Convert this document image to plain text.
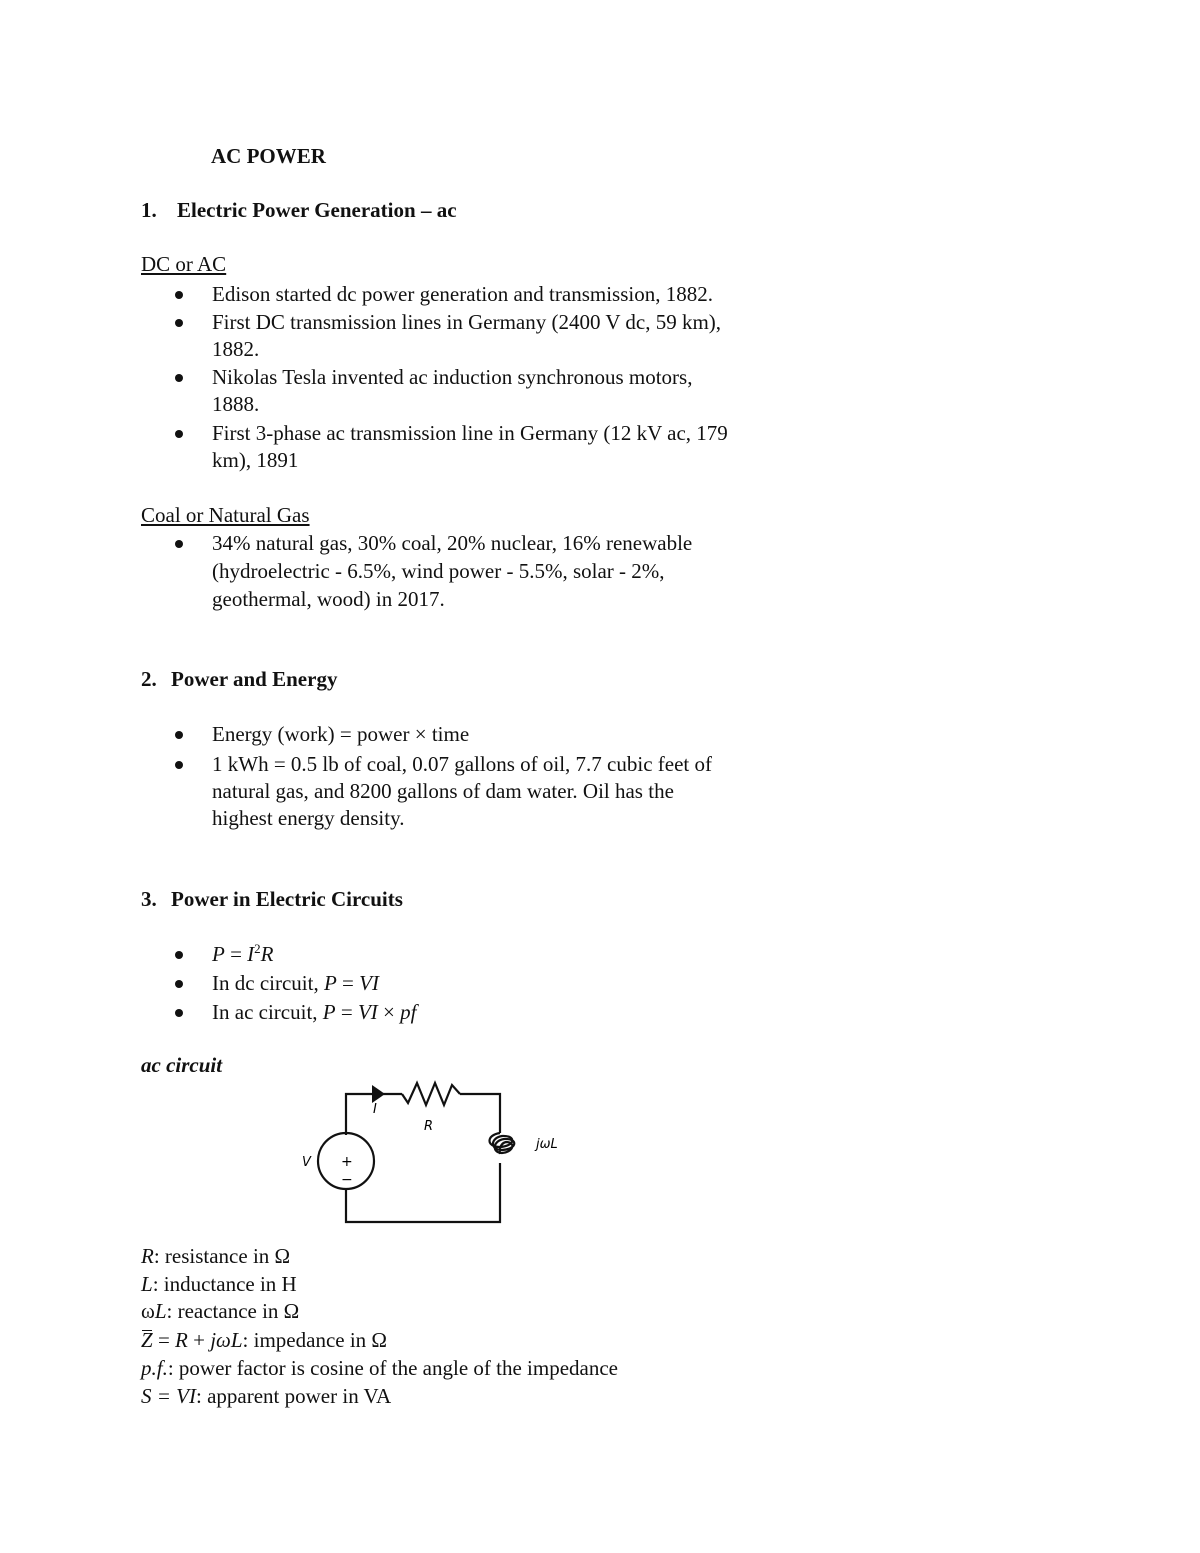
AC POWER
1. Electric Power Generation – ac
DC or AC
Edison started dc power generation and transmission, 1882.
First DC transmission lines in Germany (2400 V dc, 59 km),
1882.
Nikolas Tesla invented ac induction synchronous motors,
1888.
First 3-phase ac transmission line in Germany (12 kV ac, 179
km), 1891
Coal or Natural Gas
34% natural gas, 30% coal, 20% nuclear, 16% renewable
(hydroelectric - 6.5%, wind power - 5.5%, solar - 2%,
geothermal, wood) in 2017.
2. Power and Energy
Energy (work) = power × time
1 kWh = 0.5 lb of coal, 0.07 gallons of oil, 7.7 cubic feet of
natural gas, and 8200 gallons of dam water. Oil has the
highest energy density.
3. Power in Electric Circuits
$P = I^2R$
In dc circuit, P = VI
In ac circuit, P = VI × pf
ac circuit
I
R
V +
−
jωL
R: resistance in Ω
L: inductance in H
ωL: reactance in Ω
Z = R + jωL: impedance in Ω
p.f.: power factor is cosine of the angle of the impedance
S = VI: apparent power in VA
